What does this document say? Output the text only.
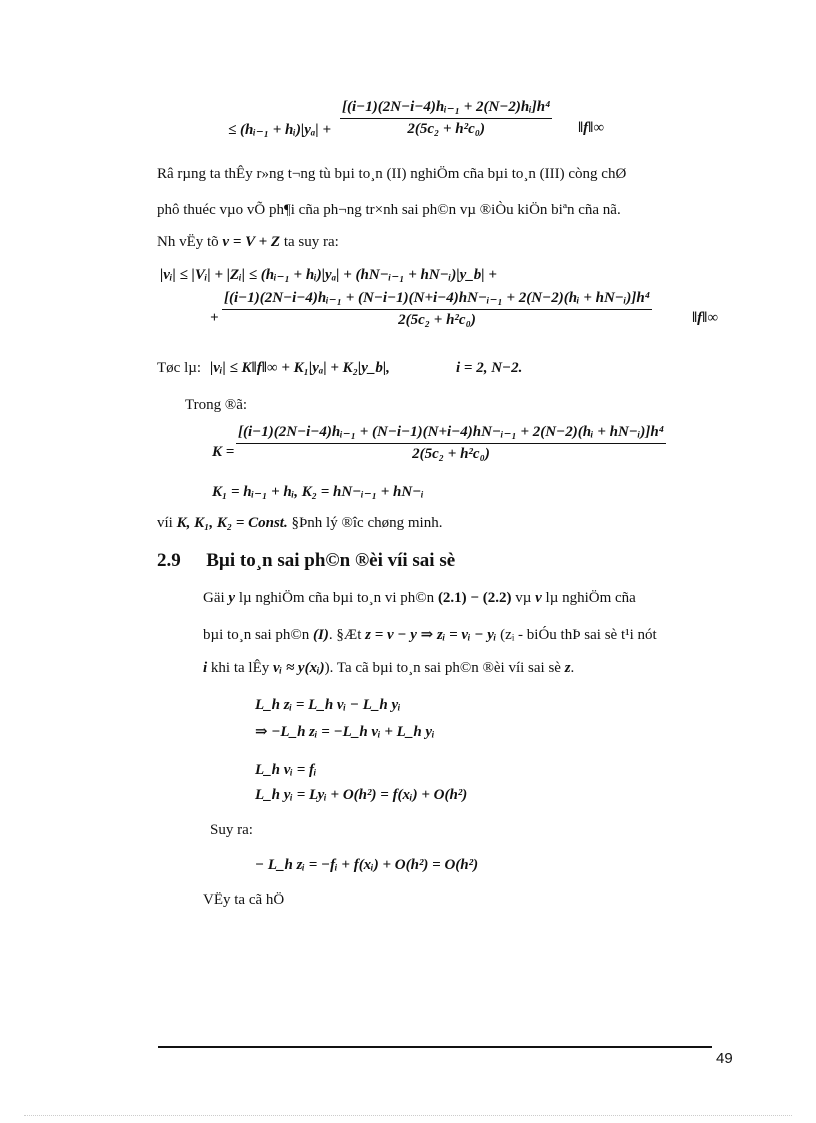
≤ (hᵢ₋₁ + hᵢ)|yₐ| + $\frac{\text{[(i−1)(2N−i−4)hᵢ₋₁ + 2(N−2)hᵢ]h⁴}}{\text{2(5c₂ + h²c₀)}}$ ‖f‖∞
Râ rµng ta thÊy r»ng t¬ng tù bµi to¸n (II) nghiÖm cña bµi to¸n (III) còng chØ
phô thuéc vµo vÕ ph¶i cña ph¬ng tr×nh sai ph©n vµ ®iÒu kiÖn biªn cña nã.
Nh vËy tõ v = V + Z ta suy ra:
|vᵢ| ≤ |Vᵢ| + |Zᵢ| ≤ (hᵢ₋₁ + hᵢ)|yₐ| + (hN−ᵢ₋₁ + hN−ᵢ)|y_b| +
+
[(i−1)(2N−i−4)hᵢ₋₁ + (N−i−1)(N+i−4)hN−ᵢ₋₁ + 2(N−2)(hᵢ + hN−ᵢ)]h⁴
2(5c₂ + h²c₀)	‖f‖∞
Tøc lµ: |vᵢ| ≤ K‖f‖∞ + K₁|yₐ| + K₂|y_b|,	i = 2, N−2.
Trong ®ã:
K =
[(i−1)(2N−i−4)hᵢ₋₁ + (N−i−1)(N+i−4)hN−ᵢ₋₁ + 2(N−2)(hᵢ + hN−ᵢ)]h⁴
2(5c₂ + h²c₀)
K₁ = hᵢ₋₁ + hᵢ, K₂ = hN−ᵢ₋₁ + hN−ᵢ
víi K, K₁, K₂ = Const. §Þnh lý ®îc chøng minh.
2.9 Bµi to¸n sai ph©n ®èi víi sai sè
Gäi y lµ nghiÖm cña bµi to¸n vi ph©n (2.1) − (2.2) vµ v lµ nghiÖm cña
bµi to¸n sai ph©n (I). §Æt z = v − y ⇒ zᵢ = vᵢ − yᵢ (zᵢ - biÓu thÞ sai sè t¹i nót
i khi ta lÊy vᵢ ≈ y(xᵢ)). Ta cã bµi to¸n sai ph©n ®èi víi sai sè z.
L_h zᵢ = L_h vᵢ − L_h yᵢ
⇒ −L_h zᵢ = −L_h vᵢ + L_h yᵢ
L_h vᵢ = fᵢ
L_h yᵢ = Lyᵢ + O(h²) = f(xᵢ) + O(h²)
Suy ra:
− L_h zᵢ = −fᵢ + f(xᵢ) + O(h²) = O(h²)
VËy ta cã hÖ
49
